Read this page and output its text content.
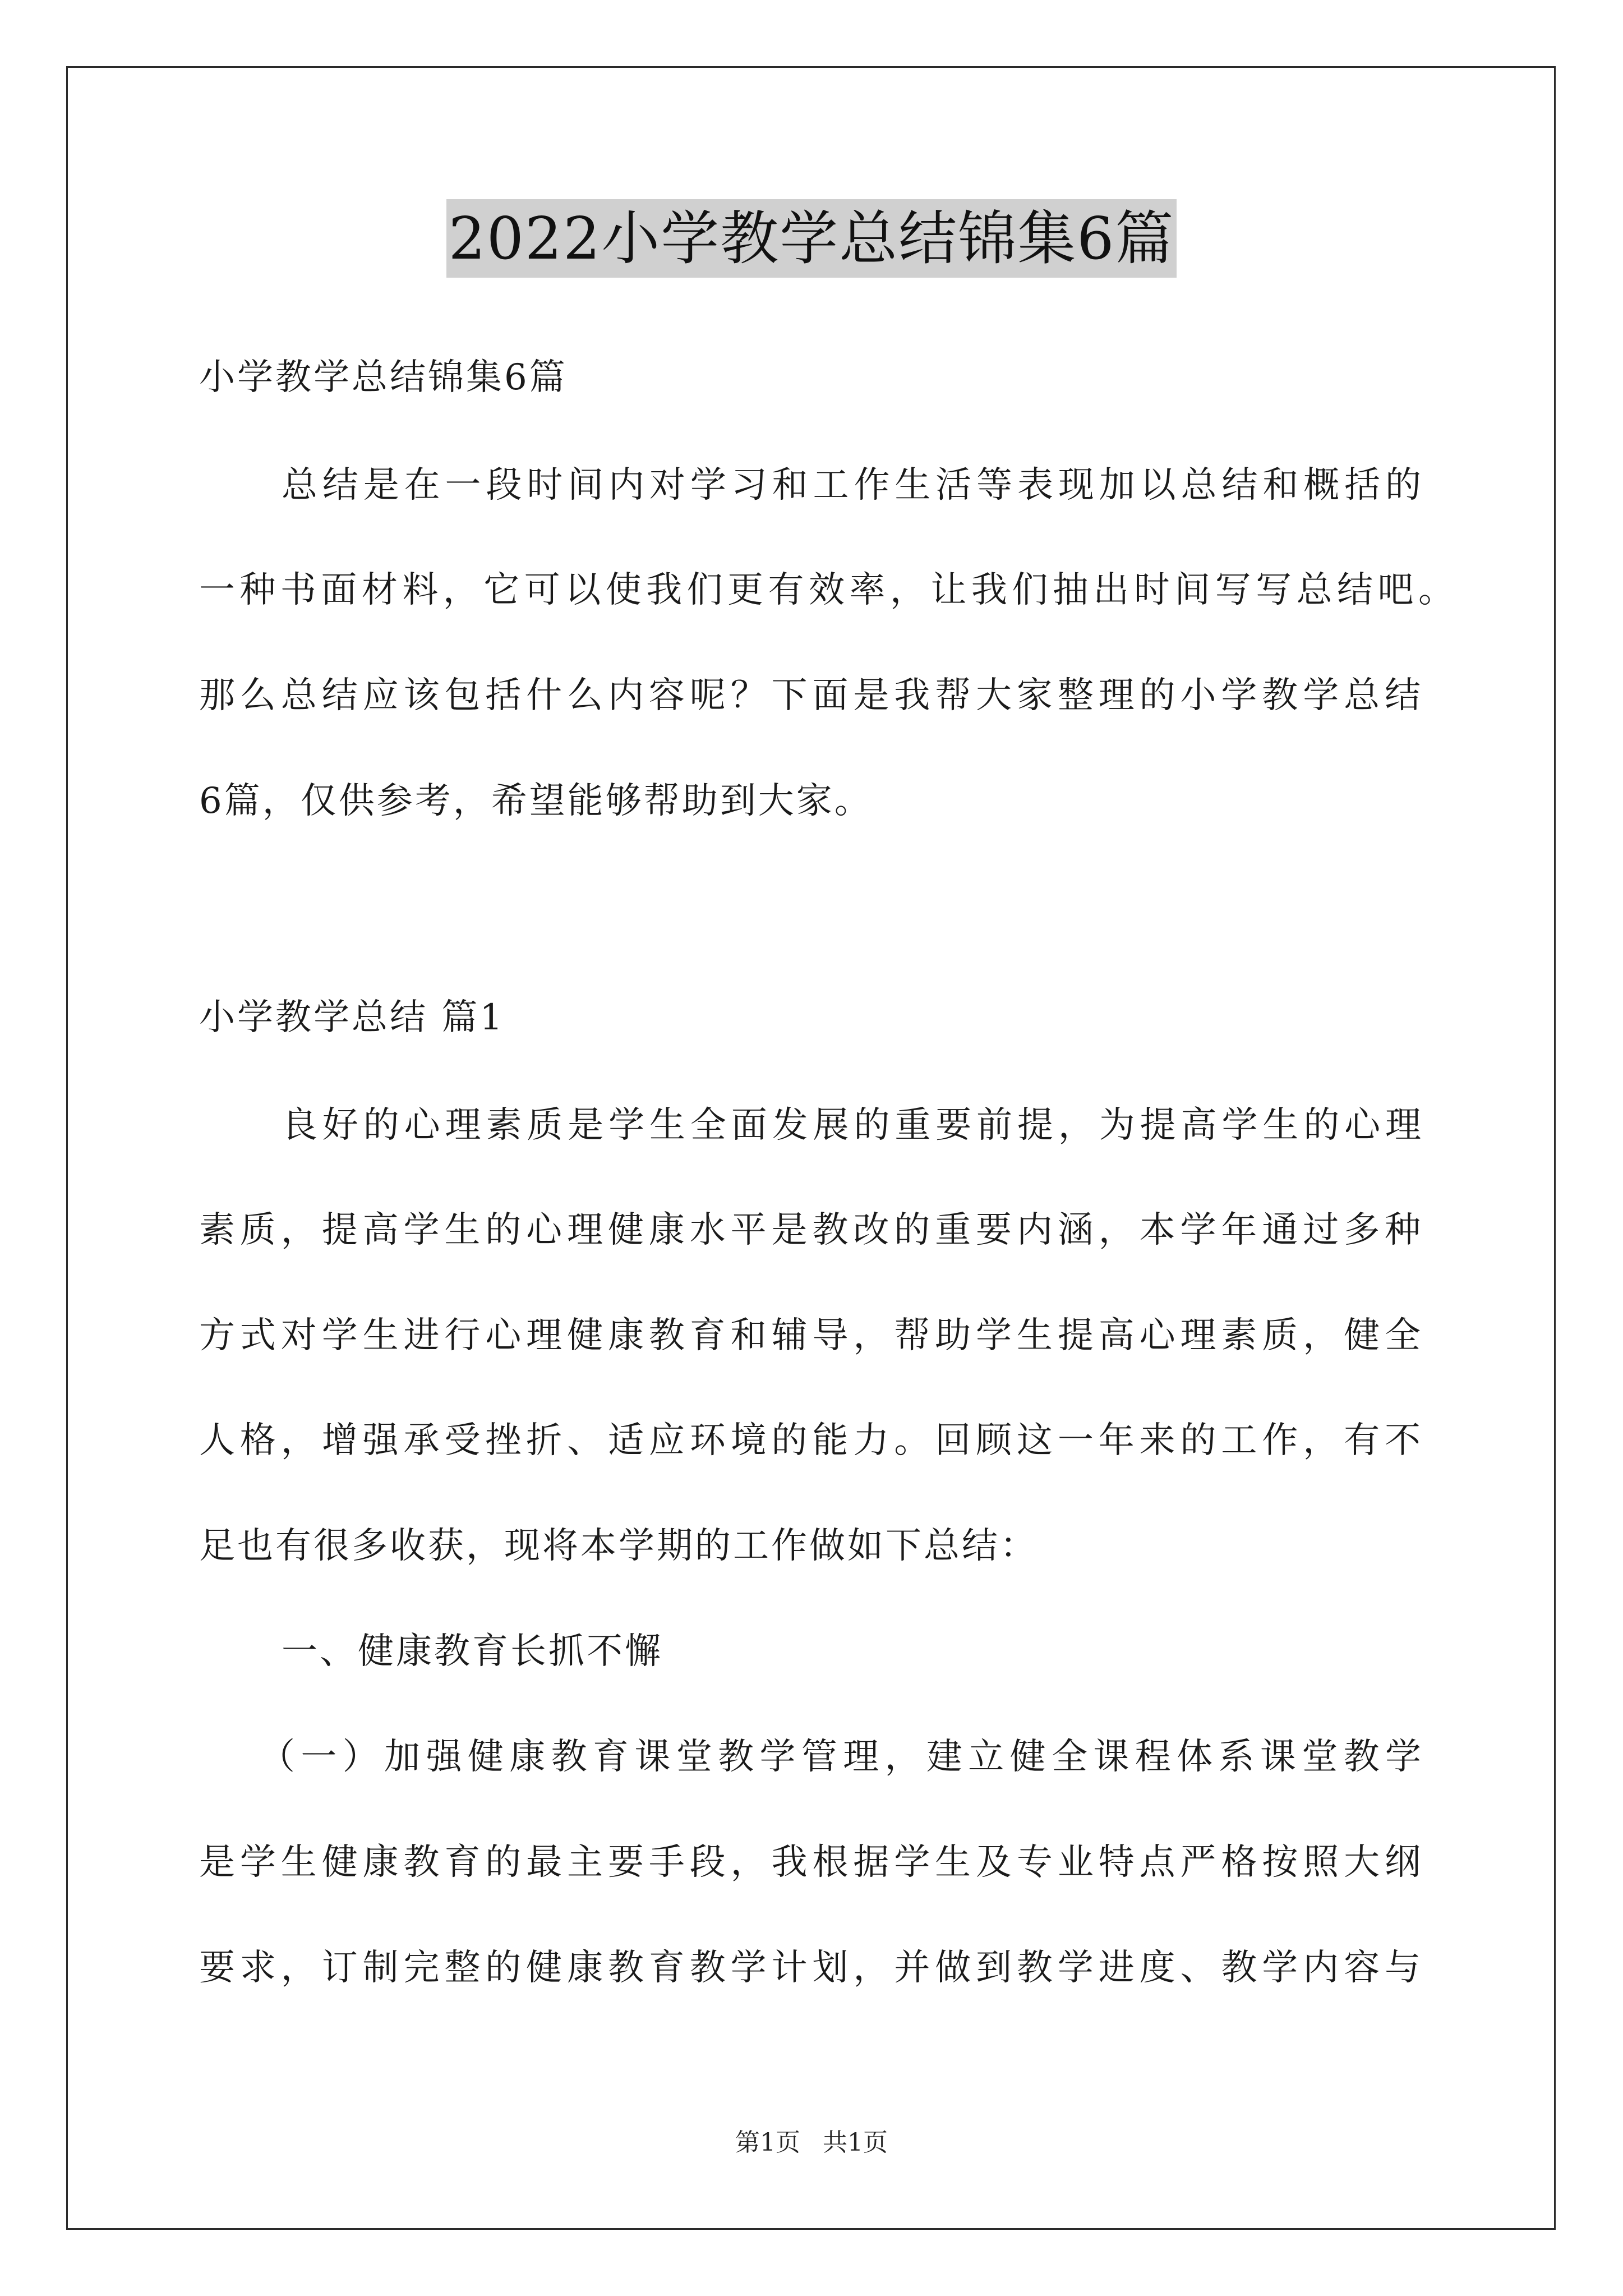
2022小学教学总结锦集6篇
小学教学总结锦集6篇
总结是在一段时间内对学习和工作生活等表现加以总结和概括的
一种书面材料，它可以使我们更有效率，让我们抽出时间写写总结吧。
那么总结应该包括什么内容呢？下面是我帮大家整理的小学教学总结
6篇，仅供参考，希望能够帮助到大家。
小学教学总结 篇1
良好的心理素质是学生全面发展的重要前提，为提高学生的心理
素质，提高学生的心理健康水平是教改的重要内涵，本学年通过多种
方式对学生进行心理健康教育和辅导，帮助学生提高心理素质，健全
人格，增强承受挫折、适应环境的能力。回顾这一年来的工作，有不
足也有很多收获，现将本学期的工作做如下总结：
一、健康教育长抓不懈
（一）加强健康教育课堂教学管理，建立健全课程体系课堂教学
是学生健康教育的最主要手段，我根据学生及专业特点严格按照大纲
要求，订制完整的健康教育教学计划，并做到教学进度、教学内容与
第1页 共1页
